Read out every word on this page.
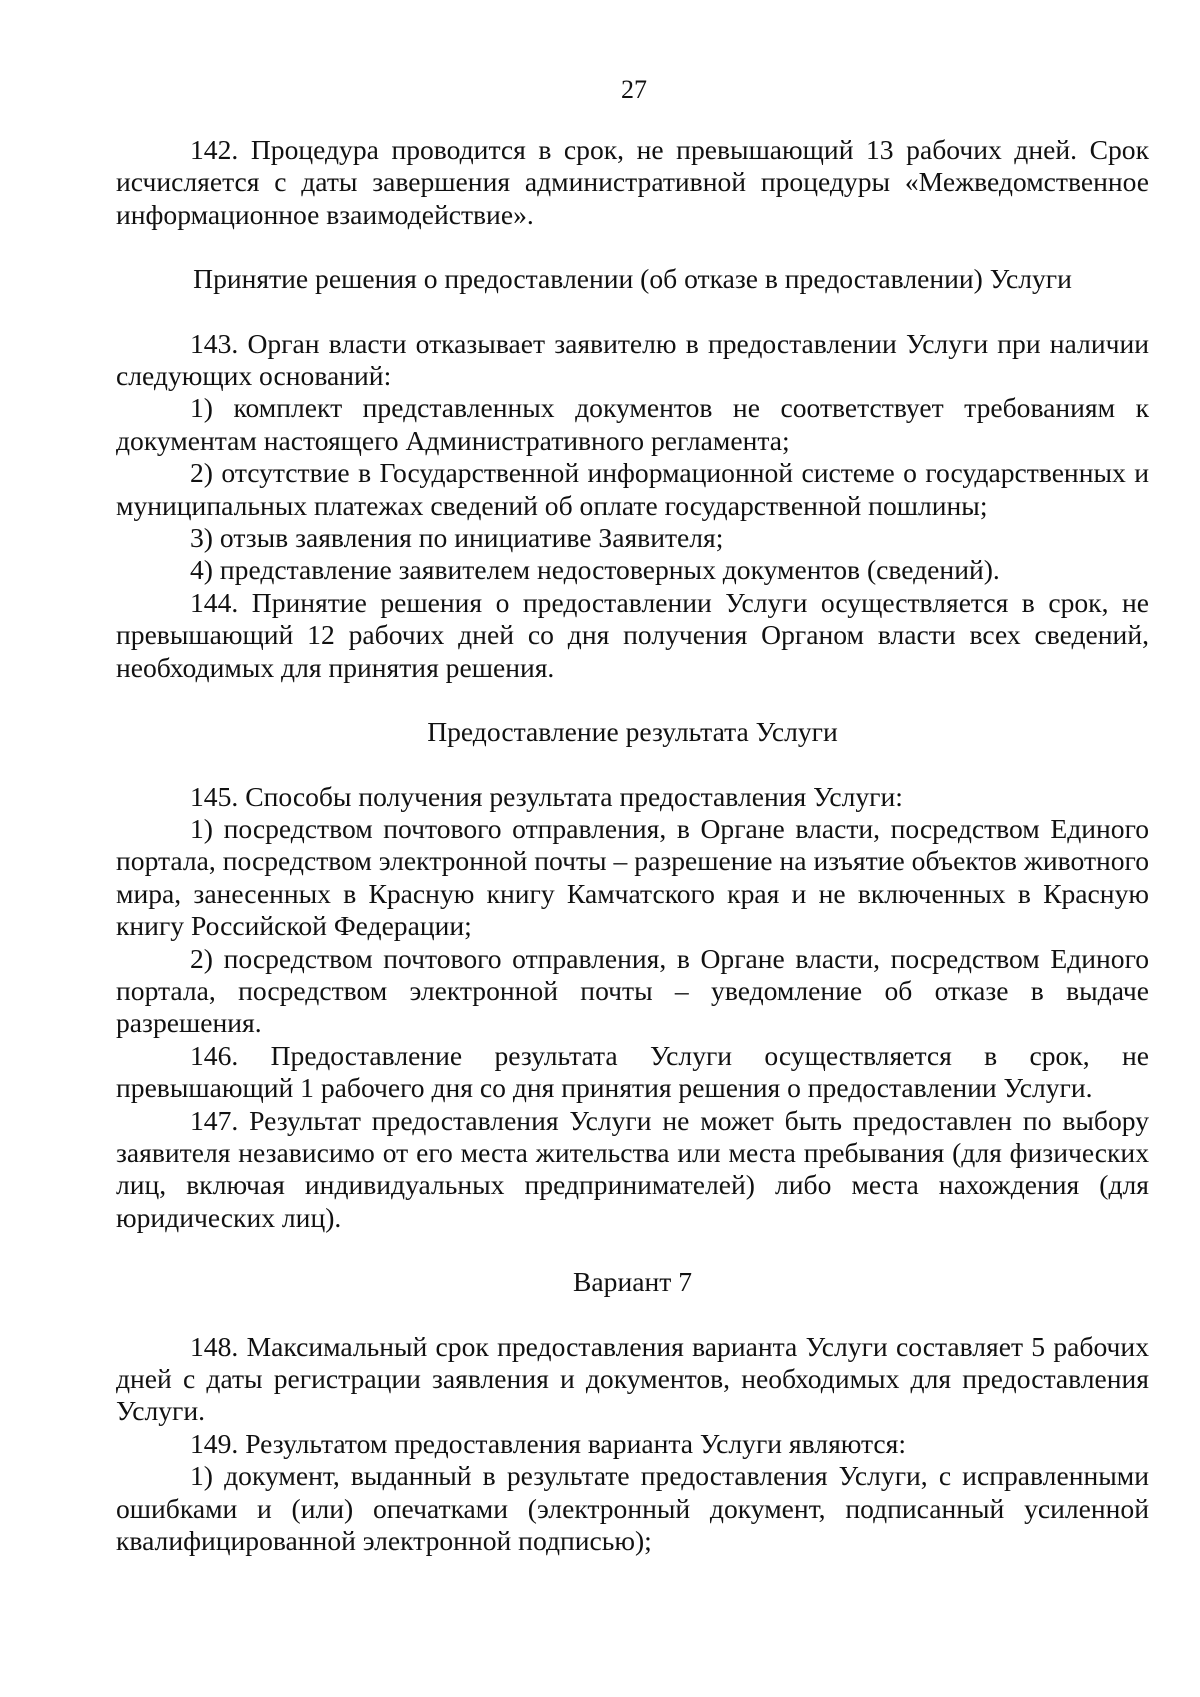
27

142. Процедура проводится в срок, не превышающий 13 рабочих дней. Срок исчисляется с даты завершения административной процедуры «Межведомственное информационное взаимодействие».

Принятие решения о предоставлении (об отказе в предоставлении) Услуги

143. Орган власти отказывает заявителю в предоставлении Услуги при наличии следующих оснований:

1) комплект представленных документов не соответствует требованиям к документам настоящего Административного регламента;

2) отсутствие в Государственной информационной системе о государственных и муниципальных платежах сведений об оплате государственной пошлины;

3) отзыв заявления по инициативе Заявителя;

4) представление заявителем недостоверных документов (сведений).

144. Принятие решения о предоставлении Услуги осуществляется в срок, не превышающий 12 рабочих дней со дня получения Органом власти всех сведений, необходимых для принятия решения.

Предоставление результата Услуги

145. Способы получения результата предоставления Услуги:

1) посредством почтового отправления, в Органе власти, посредством Единого портала, посредством электронной почты – разрешение на изъятие объектов животного мира, занесенных в Красную книгу Камчатского края и не включенных в Красную книгу Российской Федерации;

2) посредством почтового отправления, в Органе власти, посредством Единого портала, посредством электронной почты – уведомление об отказе в выдаче разрешения.

146. Предоставление результата Услуги осуществляется в срок, не превышающий 1 рабочего дня со дня принятия решения о предоставлении Услуги.

147. Результат предоставления Услуги не может быть предоставлен по выбору заявителя независимо от его места жительства или места пребывания (для физических лиц, включая индивидуальных предпринимателей) либо места нахождения (для юридических лиц).

Вариант 7

148. Максимальный срок предоставления варианта Услуги составляет 5 рабочих дней с даты регистрации заявления и документов, необходимых для предоставления Услуги.

149. Результатом предоставления варианта Услуги являются:

1) документ, выданный в результате предоставления Услуги, с исправленными ошибками и (или) опечатками (электронный документ, подписанный усиленной квалифицированной электронной подписью);
